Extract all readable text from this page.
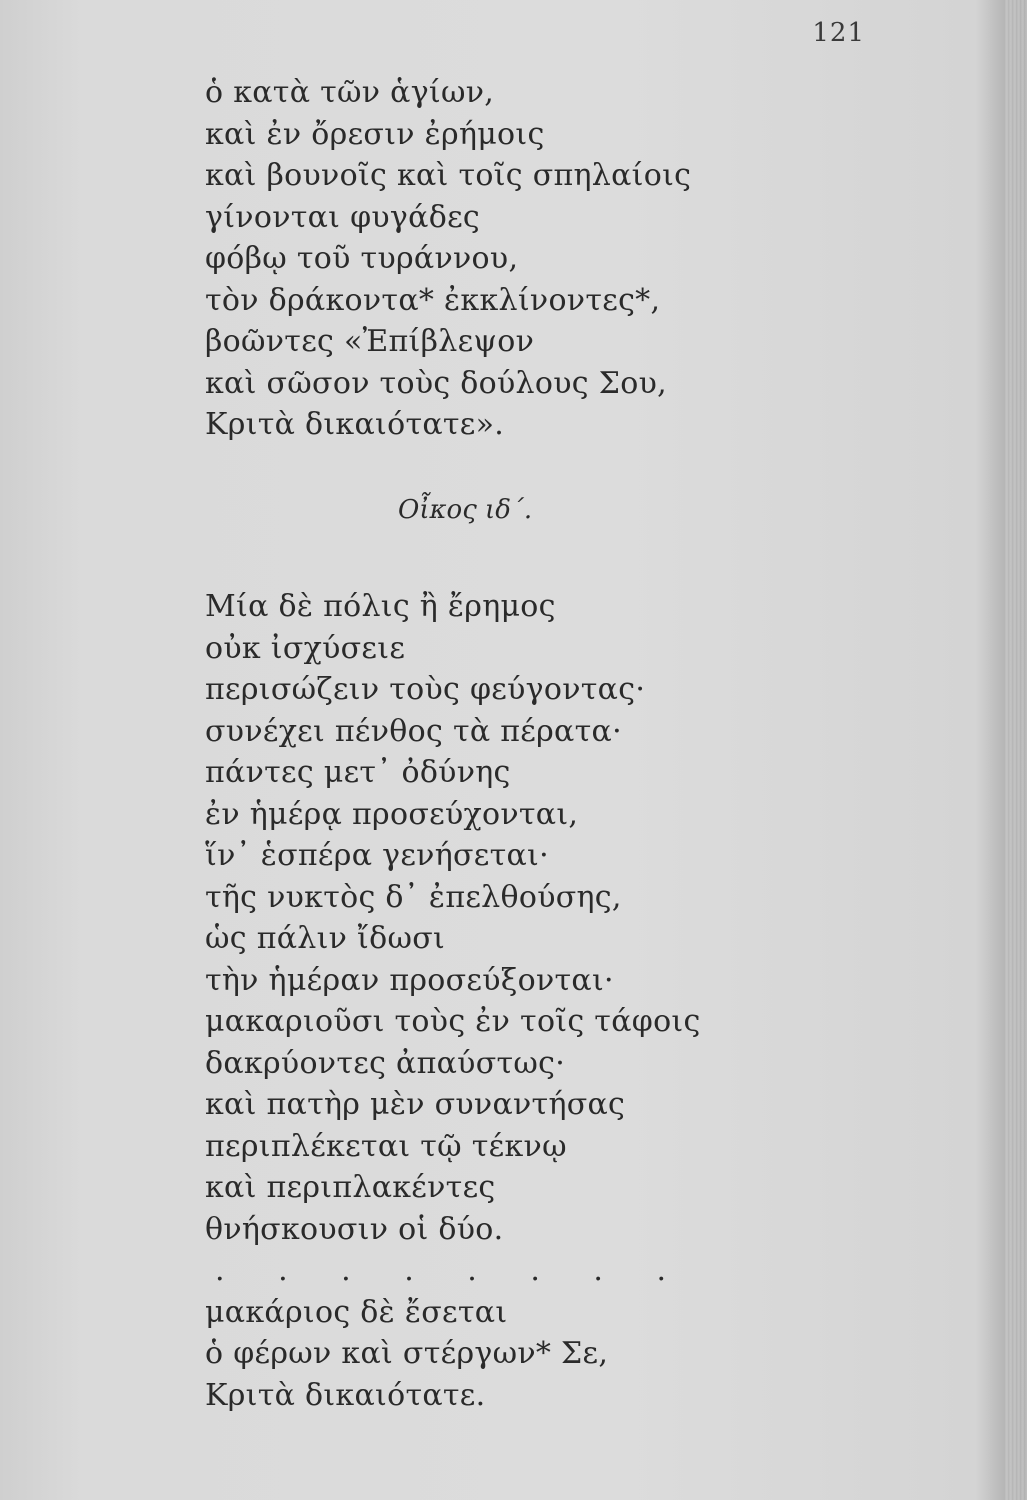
121
ὁ κατὰ τῶν ἁγίων,
καὶ ἐν ὄρεσιν ἐρήμοις
καὶ βουνοῖς καὶ τοῖς σπηλαίοις
γίνονται φυγάδες
φόβῳ τοῦ τυράννου,
τὸν δράκοντα* ἐκκλίνοντες*,
βοῶντες «Ἐπίβλεψον
καὶ σῶσον τοὺς δούλους Σου,
Κριτὰ δικαιότατε».
Οἶκος ιδ΄.
Μία δὲ πόλις ἢ ἔρημος
οὐκ ἰσχύσειε
περισώζειν τοὺς φεύγοντας·
συνέχει πένθος τὰ πέρατα·
πάντες μετ᾿ ὀδύνης
ἐν ἡμέρᾳ προσεύχονται,
ἵν᾿ ἑσπέρα γενήσεται·
τῆς νυκτὸς δ᾿ ἐπελθούσης,
ὡς πάλιν ἴδωσι
τὴν ἡμέραν προσεύξονται·
μακαριοῦσι τοὺς ἐν τοῖς τάφοις
δακρύοντες ἀπαύστως·
καὶ πατὴρ μὲν συναντήσας
περιπλέκεται τῷ τέκνῳ
καὶ περιπλακέντες
θνήσκουσιν οἱ δύο.
. . . . . . . .
μακάριος δὲ ἔσεται
ὁ φέρων καὶ στέργων* Σε,
Κριτὰ δικαιότατε.
